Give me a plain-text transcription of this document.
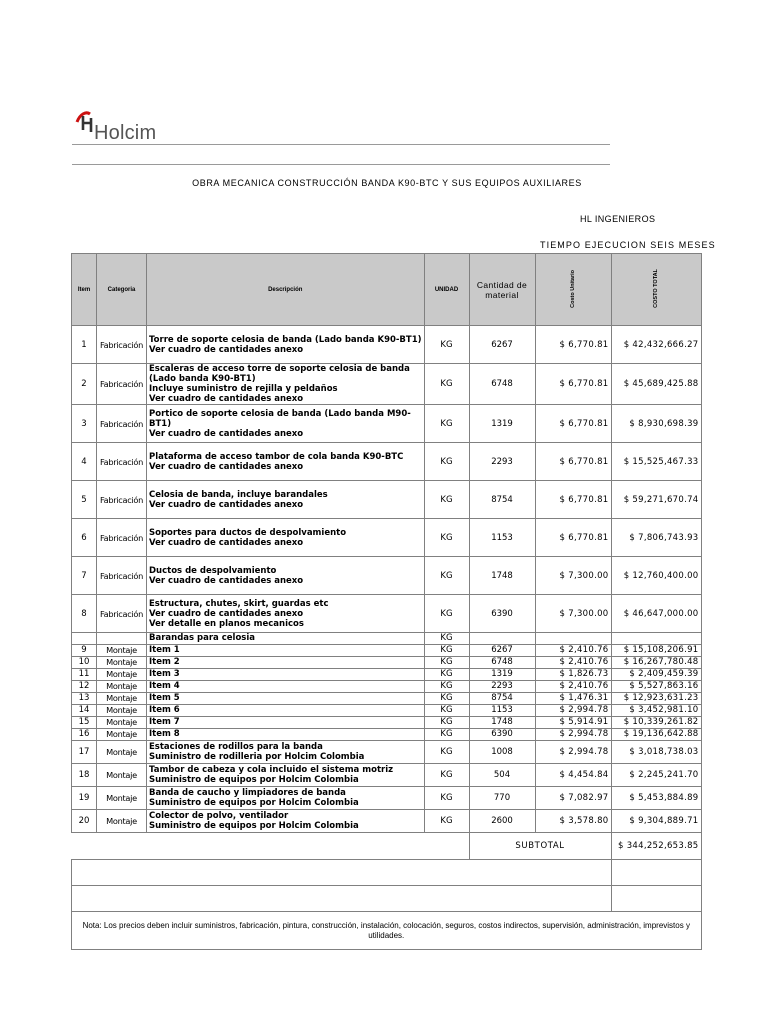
Holcim
OBRA MECANICA CONSTRUCCIÓN BANDA K90-BTC Y SUS EQUIPOS AUXILIARES
HL INGENIEROS
TIEMPO EJECUCION SEIS MESES
Item	Categoria	Descripción	UNIDAD	Cantidad de material	Costo Unitario	COSTO TOTAL
1	Fabricación	Torre de soporte celosia de banda (Lado banda K90-BT1)
Ver cuadro de cantidades anexo	KG	6267	$ 6,770.81	$ 42,432,666.27
2	Fabricación	Escaleras de acceso torre de soporte celosia de banda
(Lado banda K90-BT1)
Incluye suministro de rejilla y peldaños
Ver cuadro de cantidades anexo	KG	6748	$ 6,770.81	$ 45,689,425.88
3	Fabricación	Portico de soporte celosia de banda (Lado banda M90-
BT1)
Ver cuadro de cantidades anexo	KG	1319	$ 6,770.81	$ 8,930,698.39
4	Fabricación	Plataforma de acceso tambor de cola banda K90-BTC
Ver cuadro de cantidades anexo	KG	2293	$ 6,770.81	$ 15,525,467.33
5	Fabricación	Celosia de banda, incluye barandales
Ver cuadro de cantidades anexo	KG	8754	$ 6,770.81	$ 59,271,670.74
6	Fabricación	Soportes para ductos de despolvamiento
Ver cuadro de cantidades anexo	KG	1153	$ 6,770.81	$ 7,806,743.93
7	Fabricación	Ductos de despolvamiento
Ver cuadro de cantidades anexo	KG	1748	$ 7,300.00	$ 12,760,400.00
8	Fabricación	Estructura, chutes, skirt, guardas etc
Ver cuadro de cantidades anexo
Ver detalle en planos mecanicos	KG	6390	$ 7,300.00	$ 46,647,000.00
		Barandas para celosia	KG			
9	Montaje	Item 1	KG	6267	$ 2,410.76	$ 15,108,206.91
10	Montaje	Item 2	KG	6748	$ 2,410.76	$ 16,267,780.48
11	Montaje	Item 3	KG	1319	$ 1,826.73	$ 2,409,459.39
12	Montaje	Item 4	KG	2293	$ 2,410.76	$ 5,527,863.16
13	Montaje	Item 5	KG	8754	$ 1,476.31	$ 12,923,631.23
14	Montaje	Item 6	KG	1153	$ 2,994.78	$ 3,452,981.10
15	Montaje	Item 7	KG	1748	$ 5,914.91	$ 10,339,261.82
16	Montaje	Item 8	KG	6390	$ 2,994.78	$ 19,136,642.88
17	Montaje	Estaciones de rodillos para la banda
Suministro de rodilleria por Holcim Colombia	KG	1008	$ 2,994.78	$ 3,018,738.03
18	Montaje	Tambor de cabeza y cola incluido el sistema motriz
Suministro de equipos por Holcim Colombia	KG	504	$ 4,454.84	$ 2,245,241.70
19	Montaje	Banda de caucho y limpiadores de banda
Suministro de equipos por Holcim Colombia	KG	770	$ 7,082.97	$ 5,453,884.89
20	Montaje	Colector de polvo, ventilador
Suministro de equipos por Holcim Colombia	KG	2600	$ 3,578.80	$ 9,304,889.71
				SUBTOTAL		$ 344,252,653.85

Nota: Los precios deben incluir suministros, fabricación, pintura, construcción, instalación, colocación, seguros, costos indirectos, supervisión, administración, imprevistos y utilidades.						
